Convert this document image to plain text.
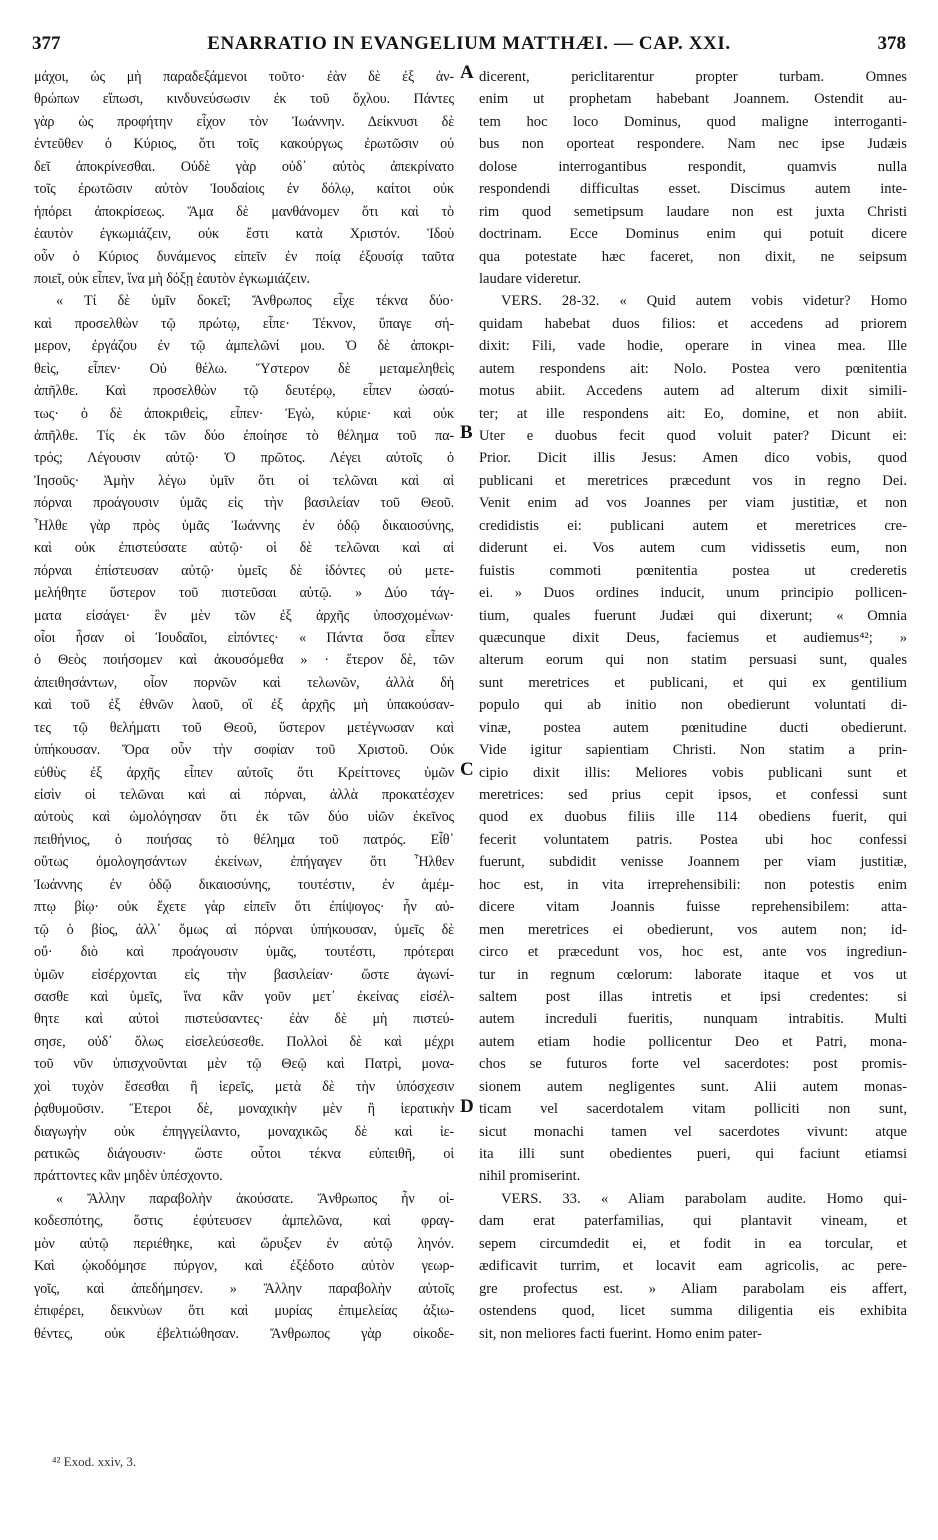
377	ENARRATIO IN EVANGELIUM MATTHÆI. — CAP. XXI.	378
μάχοι, ὡς μὴ παραδεξάμενοι τοῦτο· ἐὰν δὲ ἐξ ἀν-
θρώπων εἴπωσι, κινδυνεύσωσιν ἐκ τοῦ ὄχλου. Πάντες
γὰρ ὡς προφήτην εἶχον τὸν Ἰωάννην. Δείκνυσι δὲ
ἐντεῦθεν ὁ Κύριος, ὅτι τοῖς κακούργως ἐρωτῶσιν οὐ
δεῖ ἀποκρίνεσθαι. Οὐδὲ γὰρ οὐδ᾽ αὐτὸς ἀπεκρίνατο
τοῖς ἐρωτῶσιν αὐτὸν Ἰουδαίοις ἐν δόλῳ, καίτοι οὐκ
ἠπόρει ἀποκρίσεως. Ἅμα δὲ μανθάνομεν ὅτι καὶ τὸ
ἑαυτὸν ἐγκωμιάζειν, οὐκ ἔστι κατὰ Χριστόν. Ἰδοὺ
οὖν ὁ Κύριος δυνάμενος εἰπεῖν ἐν ποίᾳ ἐξουσίᾳ ταῦτα
ποιεῖ, οὐκ εἶπεν, ἵνα μὴ δόξῃ ἑαυτὸν ἐγκωμιάζειν.
« Τί δὲ ὑμῖν δοκεῖ; Ἄνθρωπος εἶχε τέκνα δύο·
καὶ προσελθὼν τῷ πρώτῳ, εἶπε· Τέκνον, ὕπαγε σή-
μερον, ἐργάζου ἐν τῷ ἀμπελῶνί μου. Ὁ δὲ ἀποκρι-
θεὶς, εἶπεν· Οὐ θέλω. Ὕστερον δὲ μεταμεληθεὶς
ἀπῆλθε. Καὶ προσελθὼν τῷ δευτέρῳ, εἶπεν ὡσαύ-
τως· ὁ δὲ ἀποκριθεὶς, εἶπεν· Ἐγὼ, κύριε· καὶ οὐκ
ἀπῆλθε. Τίς ἐκ τῶν δύο ἐποίησε τὸ θέλημα τοῦ πα-
τρός; Λέγουσιν αὐτῷ· Ὁ πρῶτος. Λέγει αὐτοῖς ὁ
Ἰησοῦς· Ἀμὴν λέγω ὑμῖν ὅτι οἱ τελῶναι καὶ αἱ
πόρναι προάγουσιν ὑμᾶς εἰς τὴν βασιλείαν τοῦ Θεοῦ.
Ἦλθε γὰρ πρὸς ὑμᾶς Ἰωάννης ἐν ὁδῷ δικαιοσύνης,
καὶ οὐκ ἐπιστεύσατε αὐτῷ· οἱ δὲ τελῶναι καὶ αἱ
πόρναι ἐπίστευσαν αὐτῷ· ὑμεῖς δὲ ἰδόντες οὐ μετε-
μελήθητε ὕστερον τοῦ πιστεῦσαι αὐτῷ. » Δύο τάγ-
ματα εἰσάγει· ἓν μὲν τῶν ἐξ ἀρχῆς ὑποσχομένων·
οἷοι ἦσαν οἱ Ἰουδαῖοι, εἰπόντες· « Πάντα ὅσα εἶπεν
ὁ Θεὸς ποιήσομεν καὶ ἀκουσόμεθα » · ἕτερον δὲ, τῶν
ἀπειθησάντων, οἷον πορνῶν καὶ τελωνῶν, ἀλλὰ δὴ
καὶ τοῦ ἐξ ἐθνῶν λαοῦ, οἳ ἐξ ἀρχῆς μὴ ὑπακούσαν-
τες τῷ θελήματι τοῦ Θεοῦ, ὕστερον μετέγνωσαν καὶ
ὑπήκουσαν. Ὅρα οὖν τὴν σοφίαν τοῦ Χριστοῦ. Οὐκ
εὐθὺς ἐξ ἀρχῆς εἶπεν αὐτοῖς ὅτι Κρείττονες ὑμῶν
εἰσὶν οἱ τελῶναι καὶ αἱ πόρναι, ἀλλὰ προκατέσχεν
αὐτοὺς καὶ ὡμολόγησαν ὅτι ἐκ τῶν δύο υἱῶν ἐκεῖνος
πειθήνιος, ὁ ποιήσας τὸ θέλημα τοῦ πατρός. Εἶθ᾽
οὕτως ὁμολογησάντων ἐκείνων, ἐπήγαγεν ὅτι Ἦλθεν
Ἰωάννης ἐν ὁδῷ δικαιοσύνης, τουτέστιν, ἐν ἀμέμ-
πτῳ βίῳ· οὐκ ἔχετε γὰρ εἰπεῖν ὅτι ἐπίψογος· ἦν αὐ-
τῷ ὁ βίος, ἀλλ᾽ ὅμως αἱ πόρναι ὑπήκουσαν, ὑμεῖς δὲ
οὔ· διὸ καὶ προάγουσιν ὑμᾶς, τουτέστι, πρότεραι
ὑμῶν εἰσέρχονται εἰς τὴν βασιλείαν· ὥστε ἀγωνί-
σασθε καὶ ὑμεῖς, ἵνα κἂν γοῦν μετ᾽ ἐκείνας εἰσέλ-
θητε καὶ αὐτοὶ πιστεύσαντες· ἐὰν δὲ μὴ πιστεύ-
σησε, οὐδ᾽ ὅλως εἰσελεύσεσθε. Πολλοὶ δὲ καὶ μέχρι
τοῦ νῦν ὑπισχνοῦνται μὲν τῷ Θεῷ καὶ Πατρὶ, μονα-
χοὶ τυχὸν ἔσεσθαι ἢ ἱερεῖς, μετὰ δὲ τὴν ὑπόσχεσιν
ῥᾳθυμοῦσιν. Ἕτεροι δὲ, μοναχικὴν μὲν ἢ ἱερατικὴν
διαγωγὴν οὐκ ἐπηγγείλαντο, μοναχικῶς δὲ καὶ ἱε-
ρατικῶς διάγουσιν· ὥστε οὗτοι τέκνα εὐπειθῆ, οἱ
πράττοντες κἂν μηδὲν ὑπέσχοντο.
« Ἄλλην παραβολὴν ἀκούσατε. Ἄνθρωπος ἦν οἰ-
κοδεσπότης, ὅστις ἐφύτευσεν ἀμπελῶνα, καὶ φραγ-
μὸν αὐτῷ περιέθηκε, καὶ ὤρυξεν ἐν αὐτῷ ληνόν.
Καὶ ᾠκοδόμησε πύργον, καὶ ἐξέδοτο αὐτὸν γεωρ-
γοῖς, καὶ ἀπεδήμησεν. » Ἄλλην παραβολὴν αὐτοῖς
ἐπιφέρει, δεικνὺων ὅτι καὶ μυρίας ἐπιμελείας ἀξιω-
θέντες, οὐκ ἐβελτιώθησαν. Ἄνθρωπος γὰρ οἰκοδε-
dicerent, periclitarentur propter turbam. Omnes
enim ut prophetam habebant Joannem. Ostendit au-
tem hoc loco Dominus, quod maligne interroganti-
bus non oporteat respondere. Nam nec ipse Judæis
dolose interrogantibus respondit, quamvis nulla
respondendi difficultas esset. Discimus autem inte-
rim quod semetipsum laudare non est juxta Christi
doctrinam. Ecce Dominus enim qui potuit dicere
qua potestate hæc faceret, non dixit, ne seipsum
laudare videretur.
VERS. 28-32. « Quid autem vobis videtur? Homo
quidam habebat duos filios: et accedens ad priorem
dixit: Fili, vade hodie, operare in vinea mea. Ille
autem respondens ait: Nolo. Postea vero pœnitentia
motus abiit. Accedens autem ad alterum dixit simili-
ter; at ille respondens ait: Eo, domine, et non abiit.
Uter e duobus fecit quod voluit pater? Dicunt ei:
Prior. Dicit illis Jesus: Amen dico vobis, quod
publicani et meretrices præcedunt vos in regno Dei.
Venit enim ad vos Joannes per viam justitiæ, et non
credidistis ei: publicani autem et meretrices cre-
diderunt ei. Vos autem cum vidissetis eum, non
fuistis commoti pœnitentia postea ut crederetis
ei. » Duos ordines inducit, unum principio pollicen-
tium, quales fuerunt Judæi qui dixerunt; « Omnia
quæcunque dixit Deus, faciemus et audiemus⁴²; »
alterum eorum qui non statim persuasi sunt, quales
sunt meretrices et publicani, et qui ex gentilium
populo qui ab initio non obedierunt voluntati di-
vinæ, postea autem pœnitudine ducti obedierunt.
Vide igitur sapientiam Christi. Non statim a prin-
cipio dixit illis: Meliores vobis publicani sunt et
meretrices: sed prius cepit ipsos, et confessi sunt
quod ex duobus filiis ille 114 obediens fuerit, qui
fecerit voluntatem patris. Postea ubi hoc confessi
fuerunt, subdidit venisse Joannem per viam justitiæ,
hoc est, in vita irreprehensibili: non potestis enim
dicere vitam Joannis fuisse reprehensibilem: atta-
men meretrices ei obedierunt, vos autem non; id-
circo et præcedunt vos, hoc est, ante vos ingrediun-
tur in regnum cœlorum: laborate itaque et vos ut
saltem post illas intretis et ipsi credentes: si
autem increduli fueritis, nunquam intrabitis. Multi
autem etiam hodie pollicentur Deo et Patri, mona-
chos se futuros forte vel sacerdotes: post promis-
sionem autem negligentes sunt. Alii autem monas-
ticam vel sacerdotalem vitam polliciti non sunt,
sicut monachi tamen vel sacerdotes vivunt: atque
ita illi sunt obedientes pueri, qui faciunt etiamsi
nihil promiserint.
VERS. 33. « Aliam parabolam audite. Homo qui-
dam erat paterfamilias, qui plantavit vineam, et
sepem circumdedit ei, et fodit in ea torcular, et
ædificavit turrim, et locavit eam agricolis, ac pere-
gre profectus est. » Aliam parabolam eis affert,
ostendens quod, licet summa diligentia eis exhibita
sit, non meliores facti fuerint. Homo enim pater-
A
B
C
D
⁴² Exod. xxiv, 3.
